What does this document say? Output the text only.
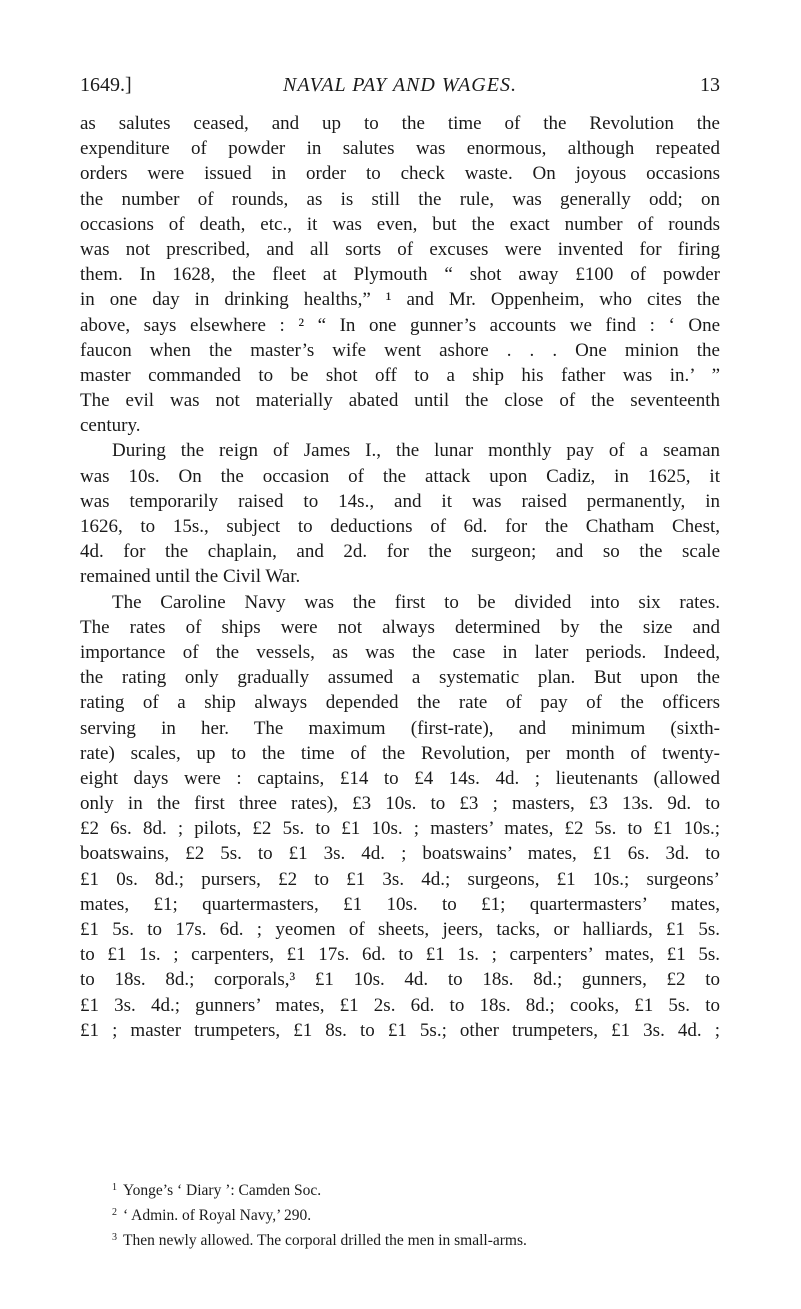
1649.]	NAVAL PAY AND WAGES.	13
as salutes ceased, and up to the time of the Revolution the
expenditure of powder in salutes was enormous, although repeated
orders were issued in order to check waste. On joyous occasions
the number of rounds, as is still the rule, was generally odd; on
occasions of death, etc., it was even, but the exact number of rounds
was not prescribed, and all sorts of excuses were invented for firing
them. In 1628, the fleet at Plymouth “ shot away £100 of powder
in one day in drinking healths,” ¹ and Mr. Oppenheim, who cites the
above, says elsewhere : ² “ In one gunner’s accounts we find : ‘ One
faucon when the master’s wife went ashore . . . One minion the
master commanded to be shot off to a ship his father was in.’ ”
The evil was not materially abated until the close of the seventeenth
century.
During the reign of James I., the lunar monthly pay of a seaman
was 10s. On the occasion of the attack upon Cadiz, in 1625, it
was temporarily raised to 14s., and it was raised permanently, in
1626, to 15s., subject to deductions of 6d. for the Chatham Chest,
4d. for the chaplain, and 2d. for the surgeon; and so the scale
remained until the Civil War.
The Caroline Navy was the first to be divided into six rates.
The rates of ships were not always determined by the size and
importance of the vessels, as was the case in later periods. Indeed,
the rating only gradually assumed a systematic plan. But upon the
rating of a ship always depended the rate of pay of the officers
serving in her. The maximum (first-rate), and minimum (sixth-
rate) scales, up to the time of the Revolution, per month of twenty-
eight days were : captains, £14 to £4 14s. 4d. ; lieutenants (allowed
only in the first three rates), £3 10s. to £3 ; masters, £3 13s. 9d. to
£2 6s. 8d. ; pilots, £2 5s. to £1 10s. ; masters’ mates, £2 5s. to £1 10s.;
boatswains, £2 5s. to £1 3s. 4d. ; boatswains’ mates, £1 6s. 3d. to
£1 0s. 8d.; pursers, £2 to £1 3s. 4d.; surgeons, £1 10s.; surgeons’
mates, £1; quartermasters, £1 10s. to £1; quartermasters’ mates,
£1 5s. to 17s. 6d. ; yeomen of sheets, jeers, tacks, or halliards, £1 5s.
to £1 1s. ; carpenters, £1 17s. 6d. to £1 1s. ; carpenters’ mates, £1 5s.
to 18s. 8d.; corporals,³ £1 10s. 4d. to 18s. 8d.; gunners, £2 to
£1 3s. 4d.; gunners’ mates, £1 2s. 6d. to 18s. 8d.; cooks, £1 5s. to
£1 ; master trumpeters, £1 8s. to £1 5s.; other trumpeters, £1 3s. 4d. ;
$^1$ Yonge’s ‘ Diary ’: Camden Soc.
$^2$ ‘ Admin. of Royal Navy,’ 290.
$^3$ Then newly allowed. The corporal drilled the men in small-arms.
